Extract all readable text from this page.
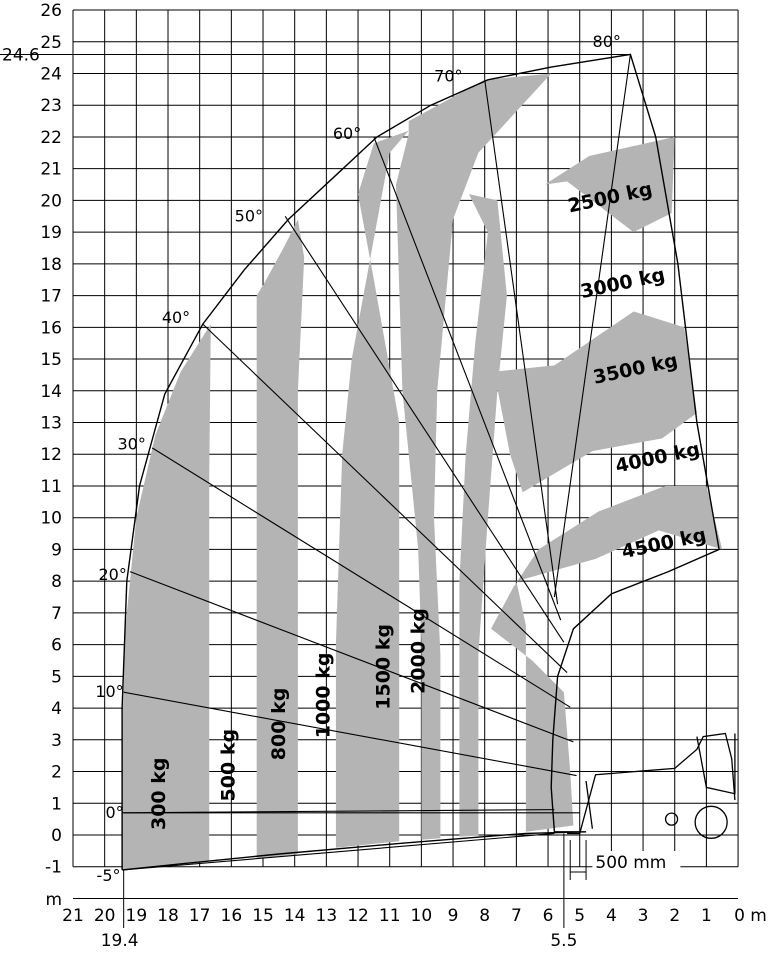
21 20 19 18 17 16 15 14 13 12 11 10 9 8 7 6 5 4 3 2 1 0 m
-1
0
1
2
3
4
5
6
7
8
9
10
11
12
13
14
15
16
17
18
19
20
21
22
23
24
25
26
m
24.6
19.4	5.5
-5°
0°
10°
20°
30°
40°
50°
60°
70°
80°
300 kg	500 kg
800 kg 1000 kg 1500 kg 2000 kg
2500 kg
3000 kg
3500 kg
4000 kg
4500 kg
500 mm
